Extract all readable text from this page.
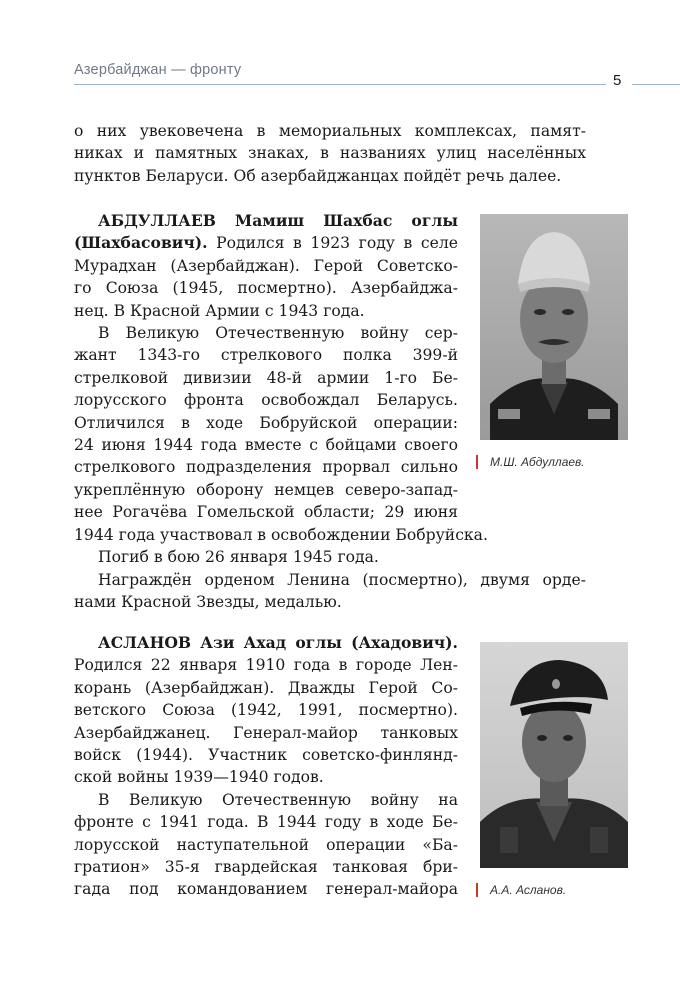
Азербайджан — фронту
5
о них увековечена в мемориальных комплексах, памят-
никах и памятных знаках, в названиях улиц населённых
пунктов Беларуси. Об азербайджанцах пойдёт речь далее.
АБДУЛЛАЕВ Мамиш Шахбас оглы
(Шахбасович). Родился в 1923 году в селе
Мурадхан (Азербайджан). Герой Советско-
го Союза (1945, посмертно). Азербайджа-
нец. В Красной Армии с 1943 года.
В Великую Отечественную войну сер-
жант 1343-го стрелкового полка 399-й
стрелковой дивизии 48-й армии 1-го Бе-
лорусского фронта освобождал Беларусь.
Отличился в ходе Бобруйской операции:
24 июня 1944 года вместе с бойцами своего
стрелкового подразделения прорвал сильно
укреплённую оборону немцев северо-запад-
нее Рогачёва Гомельской области; 29 июня
1944 года участвовал в освобождении Бобруйска.
Погиб в бою 26 января 1945 года.
Награждён орденом Ленина (посмертно), двумя орде-
нами Красной Звезды, медалью.
М.Ш. Абдуллаев.
АСЛАНОВ Ази Ахад оглы (Ахадович).
Родился 22 января 1910 года в городе Лен-
корань (Азербайджан). Дважды Герой Со-
ветского Союза (1942, 1991, посмертно).
Азербайджанец. Генерал-майор танковых
войск (1944). Участник советско-финлянд-
ской войны 1939—1940 годов.
В Великую Отечественную войну на
фронте с 1941 года. В 1944 году в ходе Бе-
лорусской наступательной операции «Ба-
гратион» 35-я гвардейская танковая бри-
гада под командованием генерал-майора	А.А. Асланов.
